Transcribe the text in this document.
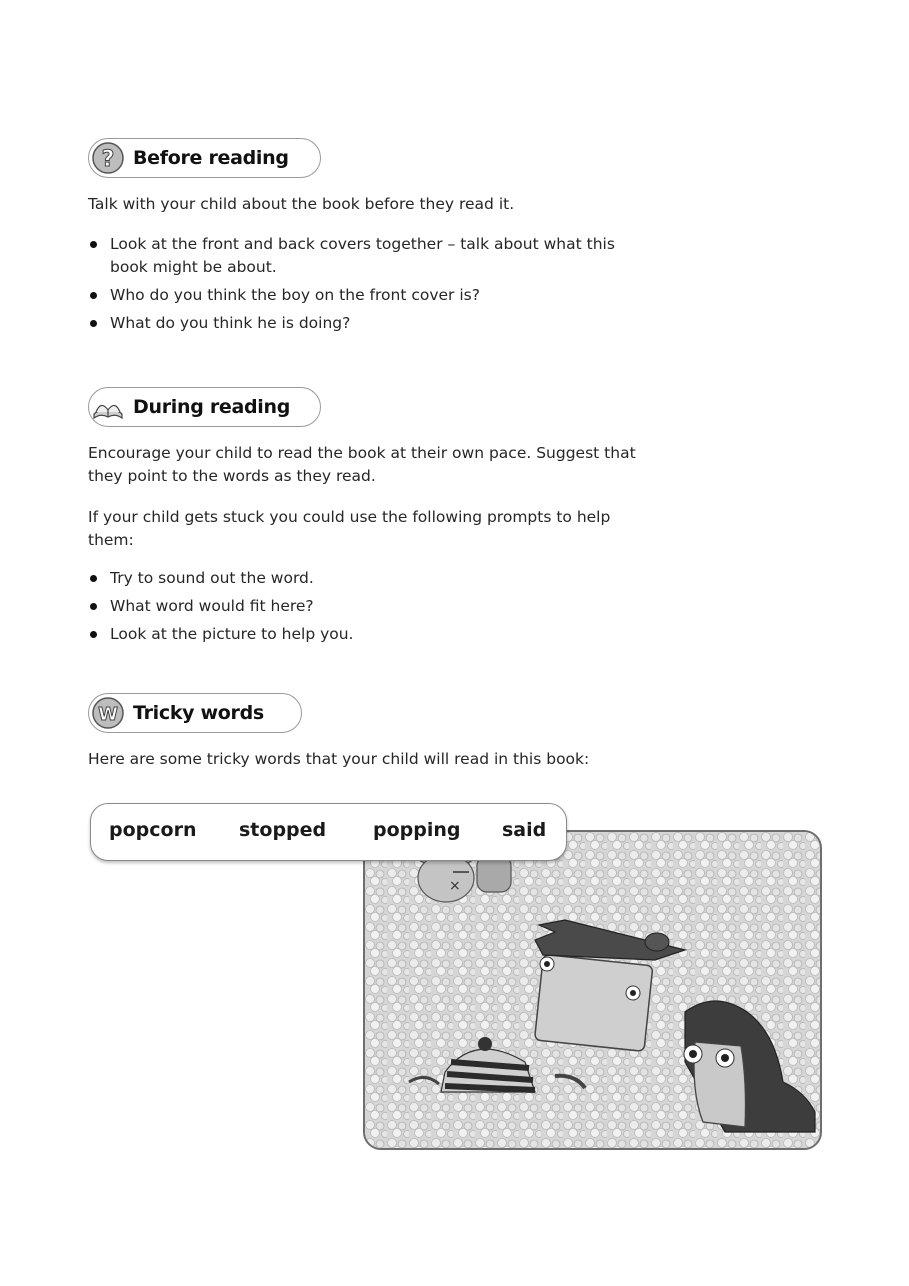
? Before reading

Talk with your child about the book before they read it.

Look at the front and back covers together – talk about what this book might be about.
Who do you think the boy on the front cover is?
What do you think he is doing?
During reading

Encourage your child to read the book at their own pace. Suggest that they point to the words as they read.

If your child gets stuck you could use the following prompts to help them:

Try to sound out the word.
What word would fit here?
Look at the picture to help you.
W Tricky words

Here are some tricky words that your child will read in this book:

popcorn stopped popping said
×
